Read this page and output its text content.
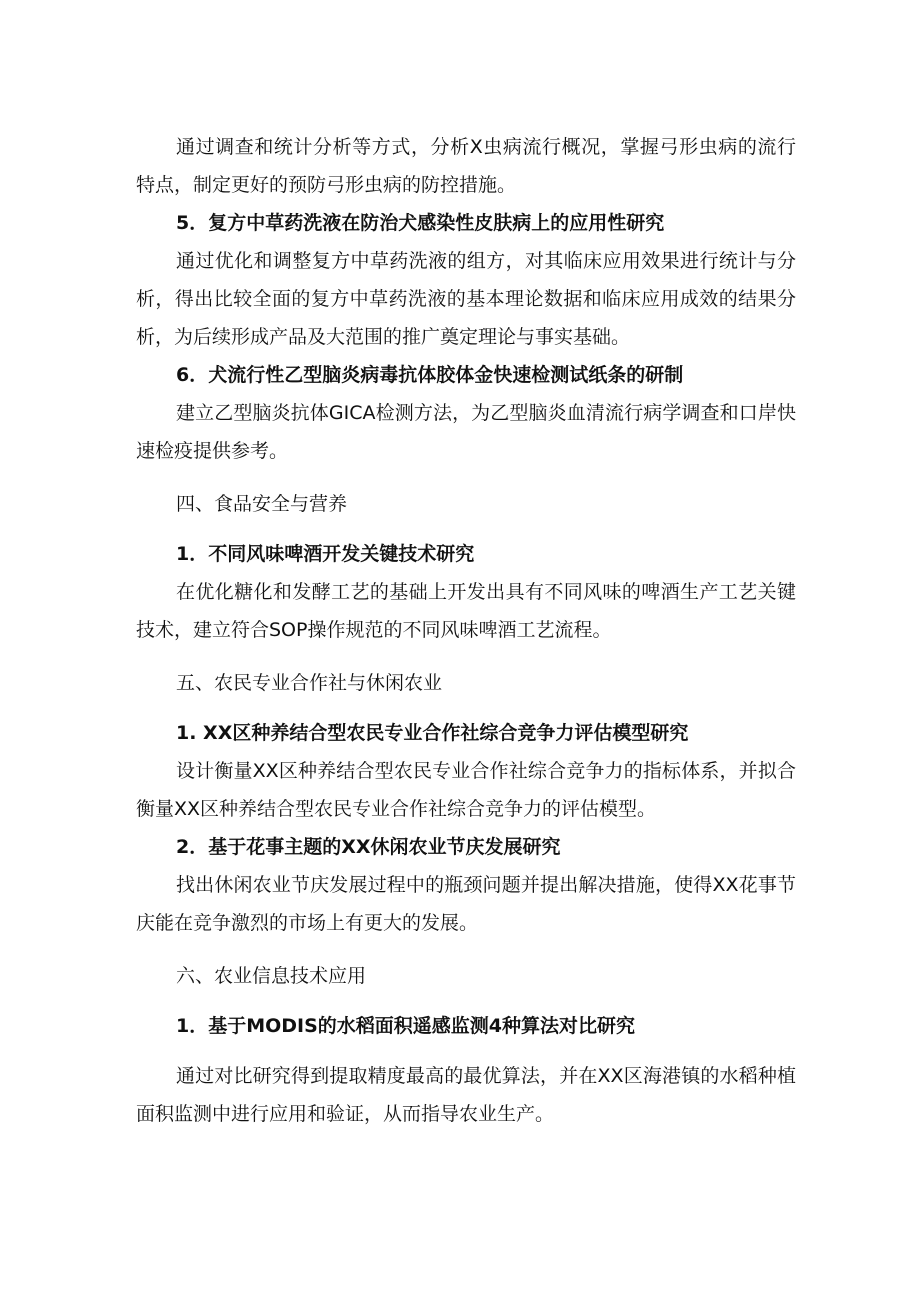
通过调查和统计分析等方式，分析X虫病流行概况，掌握弓形虫病的流行特点，制定更好的预防弓形虫病的防控措施。

5．复方中草药洗液在防治犬感染性皮肤病上的应用性研究

通过优化和调整复方中草药洗液的组方，对其临床应用效果进行统计与分析，得出比较全面的复方中草药洗液的基本理论数据和临床应用成效的结果分析，为后续形成产品及大范围的推广奠定理论与事实基础。

6．犬流行性乙型脑炎病毒抗体胶体金快速检测试纸条的研制

建立乙型脑炎抗体GICA检测方法，为乙型脑炎血清流行病学调查和口岸快速检疫提供参考。

四、食品安全与营养

1．不同风味啤酒开发关键技术研究

在优化糖化和发酵工艺的基础上开发出具有不同风味的啤酒生产工艺关键技术，建立符合SOP操作规范的不同风味啤酒工艺流程。

五、农民专业合作社与休闲农业

1. XX区种养结合型农民专业合作社综合竞争力评估模型研究

设计衡量XX区种养结合型农民专业合作社综合竞争力的指标体系，并拟合衡量XX区种养结合型农民专业合作社综合竞争力的评估模型。

2．基于花事主题的XX休闲农业节庆发展研究

找出休闲农业节庆发展过程中的瓶颈问题并提出解决措施，使得XX花事节庆能在竞争激烈的市场上有更大的发展。

六、农业信息技术应用

1．基于MODIS的水稻面积遥感监测4种算法对比研究

通过对比研究得到提取精度最高的最优算法，并在XX区海港镇的水稻种植面积监测中进行应用和验证，从而指导农业生产。
